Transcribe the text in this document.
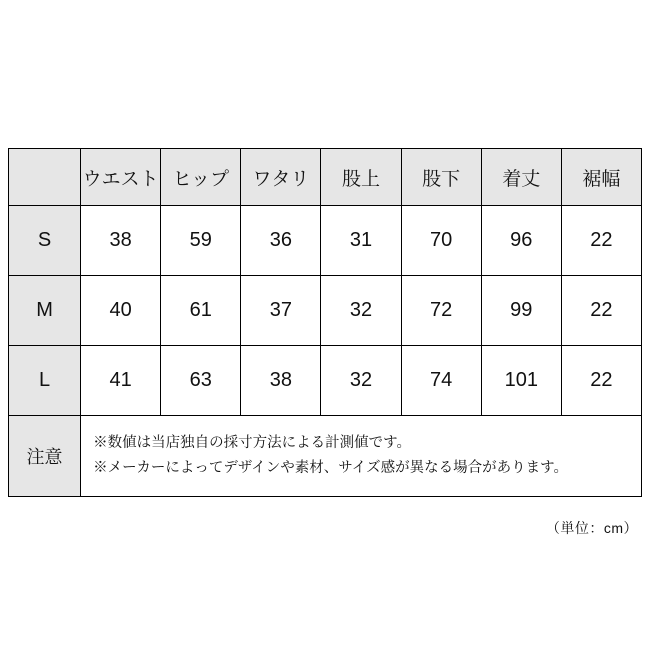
	ウエスト	ヒップ	ワタリ	股上	股下	着丈	裾幅
S	38	59	36	31	70	96	22
M	40	61	37	32	72	99	22
L	41	63	38	32	74	101	22
注意	※数値は当店独自の採寸方法による計測値です。
※メーカーによってデザインや素材、サイズ感が異なる場合があります。						
（単位：cm）
